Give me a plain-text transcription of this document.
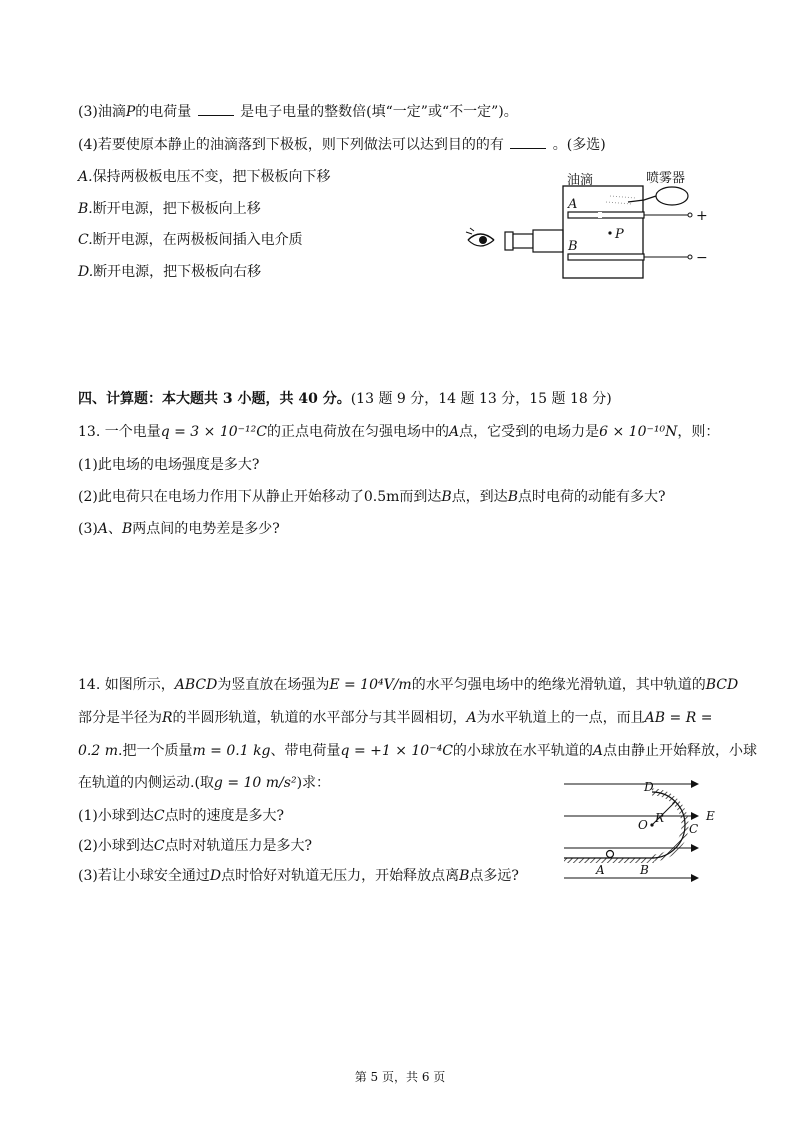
(3)油滴P的电荷量	是电子电量的整数倍(填“一定”或“不一定”)。
(4)若要使原本静止的油滴落到下极板，则下列做法可以达到目的的有	。(多选)
A.保持两极板电压不变，把下极板向下移
B.断开电源，把下极板向上移
C.断开电源，在两极板间插入电介质
D.断开电源，把下极板向右移
油滴	喷雾器
A
B
P
+
−
四、计算题：本大题共 3 小题，共 40 分。(13 题 9 分，14 题 13 分，15 题 18 分)
13. 一个电量q = 3 × 10⁻¹²C的正点电荷放在匀强电场中的A点，它受到的电场力是6 × 10⁻¹⁰N，则：
(1)此电场的电场强度是多大?
(2)此电荷只在电场力作用下从静止开始移动了0.5m而到达B点，到达B点时电荷的动能有多大?
(3)A、B两点间的电势差是多少?
14. 如图所示，ABCD为竖直放在场强为E = 10⁴V/m的水平匀强电场中的绝缘光滑轨道，其中轨道的BCD
部分是半径为R的半圆形轨道，轨道的水平部分与其半圆相切，A为水平轨道上的一点，而且AB = R =
0.2 m.把一个质量m = 0.1 kg、带电荷量q = +1 × 10⁻⁴C的小球放在水平轨道的A点由静止开始释放，小球
在轨道的内侧运动.(取g = 10 m/s²)求：
(1)小球到达C点时的速度是多大?
(2)小球到达C点时对轨道压力是多大?
(3)若让小球安全通过D点时恰好对轨道无压力，开始释放点离B点多远?
D
E
O R
C
A	B
第 5 页，共 6 页
